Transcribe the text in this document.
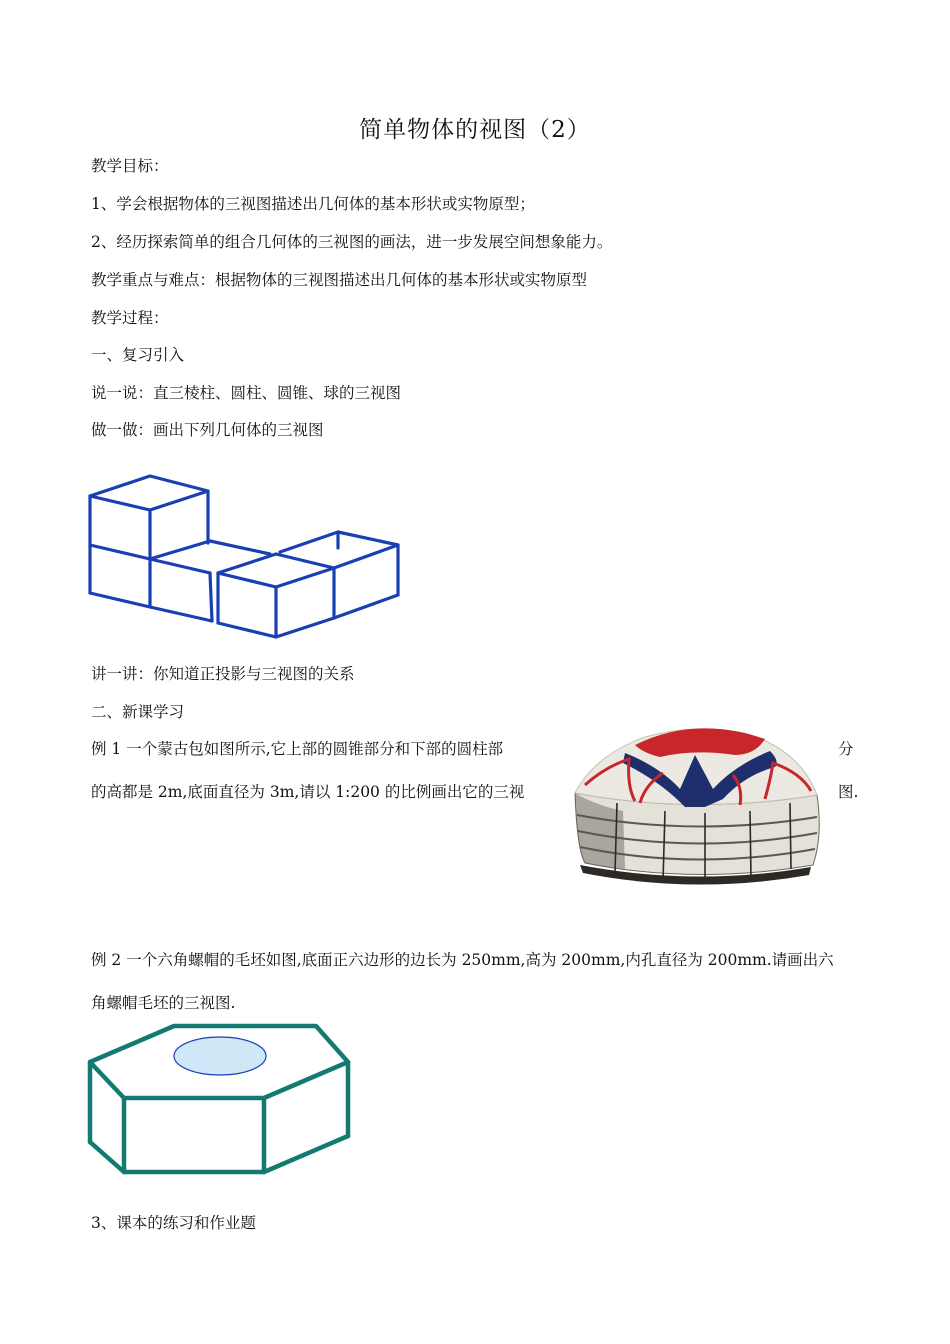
简单物体的视图（2）
教学目标：
1、学会根据物体的三视图描述出几何体的基本形状或实物原型；
2、经历探索简单的组合几何体的三视图的画法，进一步发展空间想象能力。
教学重点与难点：根据物体的三视图描述出几何体的基本形状或实物原型
教学过程：
一、复习引入
说一说：直三棱柱、圆柱、圆锥、球的三视图
做一做：画出下列几何体的三视图
讲一讲：你知道正投影与三视图的关系
二、新课学习
例 1 一个蒙古包如图所示,它上部的圆锥部分和下部的圆柱部	分
的高都是 2m,底面直径为 3m,请以 1:200 的比例画出它的三视	图.
例 2 一个六角螺帽的毛坯如图,底面正六边形的边长为 250mm,高为 200mm,内孔直径为 200mm.请画出六
角螺帽毛坯的三视图.
3、课本的练习和作业题
